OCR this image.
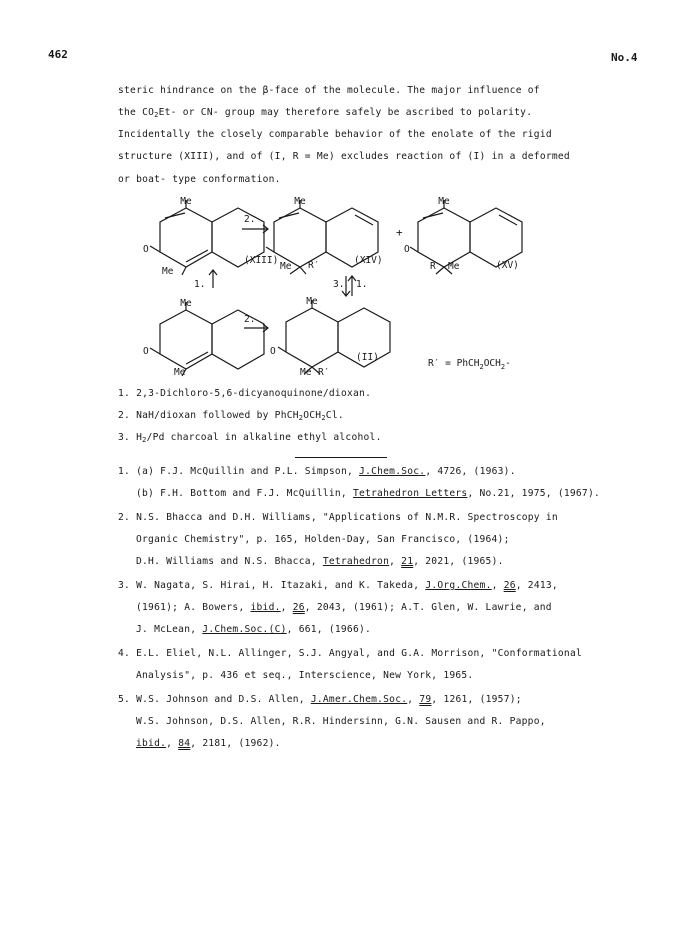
462	No.4
steric hindrance on the β-face of the molecule. The major influence of
the $CO_2Et-$ or CN- group may therefore safely be ascribed to polarity.
Incidentally the closely comparable behavior of the enolate of the rigid
structure (XIII), and of (I, R = Me) excludes reaction of (I) in a deformed
or boat- type conformation.
Me
O
Me
(XIII)
2.
1.
Me
Me R′	(XIV)
3. 1.
+
Me
O
R Me	(XV)
Me
O
Me
2.
Me
O
Me R′
(II)
$R' = PhCH_2OCH_2-$
1. 2,3-Dichloro-5,6-dicyanoquinone/dioxan.
2. NaH/dioxan followed by $PhCH_2OCH_2Cl$.
3. $H_2/Pd$ charcoal in alkaline ethyl alcohol.
1. (a) F.J. McQuillin and P.L. Simpson, J.Chem.Soc., 4726, (1963).
(b) F.H. Bottom and F.J. McQuillin, Tetrahedron Letters, No.21, 1975, (1967).
2. N.S. Bhacca and D.H. Williams, "Applications of N.M.R. Spectroscopy in
Organic Chemistry", p. 165, Holden-Day, San Francisco, (1964);
D.H. Williams and N.S. Bhacca, Tetrahedron, 21, 2021, (1965).
3. W. Nagata, S. Hirai, H. Itazaki, and K. Takeda, J.Org.Chem., 26, 2413,
(1961); A. Bowers, ibid., 26, 2043, (1961); A.T. Glen, W. Lawrie, and
J. McLean, J.Chem.Soc.(C), 661, (1966).
4. E.L. Eliel, N.L. Allinger, S.J. Angyal, and G.A. Morrison, "Conformational
Analysis", p. 436 et seq., Interscience, New York, 1965.
5. W.S. Johnson and D.S. Allen, J.Amer.Chem.Soc., 79, 1261, (1957);
W.S. Johnson, D.S. Allen, R.R. Hindersinn, G.N. Sausen and R. Pappo,
ibid., 84, 2181, (1962).
